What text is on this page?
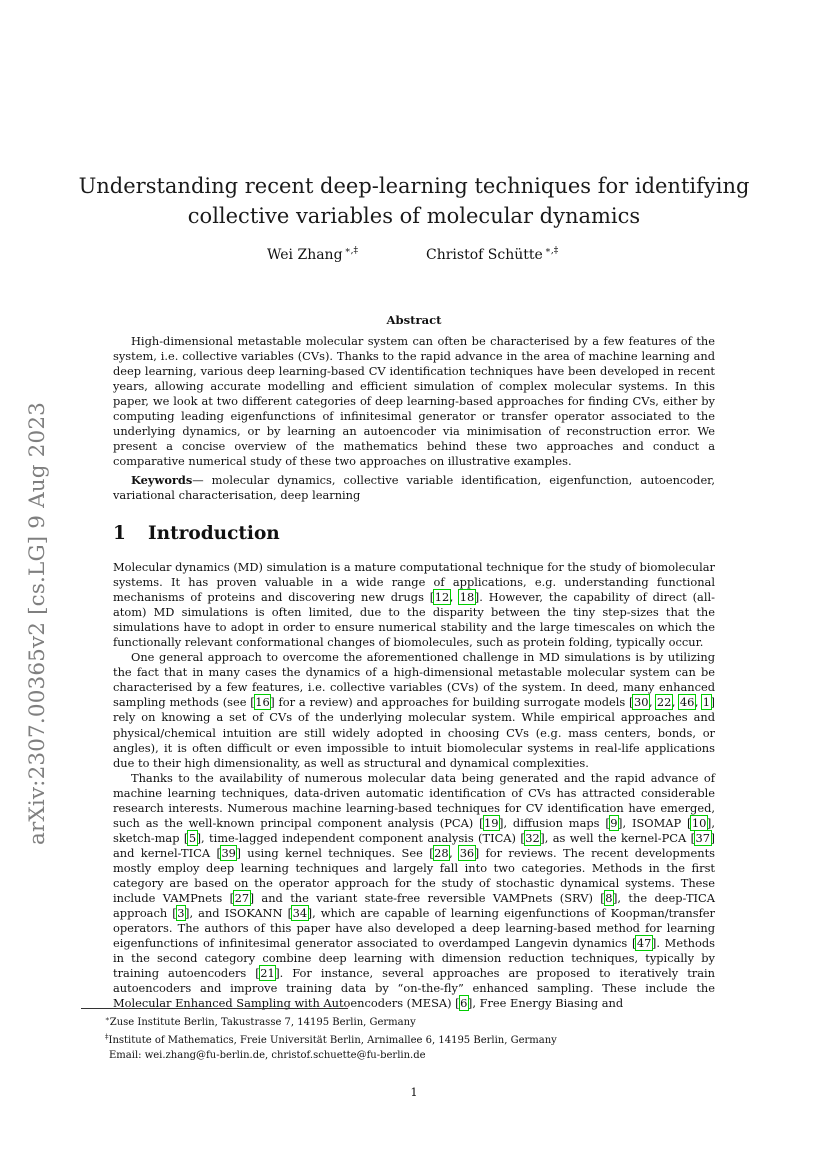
arXiv:2307.00365v2 [cs.LG] 9 Aug 2023
Understanding recent deep-learning techniques for identifying
collective variables of molecular dynamics
Wei Zhang ∗,‡	Christof Schütte ∗,‡
Abstract
High-dimensional metastable molecular system can often be characterised by a few features of the system, i.e. collective variables (CVs). Thanks to the rapid advance in the area of machine learning and deep learning, various deep learning-based CV identification techniques have been developed in recent years, allowing accurate modelling and efficient simulation of complex molecular systems. In this paper, we look at two different categories of deep learning-based approaches for finding CVs, either by computing leading eigenfunctions of infinitesimal generator or transfer operator associated to the underlying dynamics, or by learning an autoencoder via minimisation of reconstruction error. We present a concise overview of the mathematics behind these two approaches and conduct a comparative numerical study of these two approaches on illustrative examples.
Keywords— molecular dynamics, collective variable identification, eigenfunction, autoencoder, variational characterisation, deep learning
1 Introduction

Molecular dynamics (MD) simulation is a mature computational technique for the study of biomolecular systems. It has proven valuable in a wide range of applications, e.g. understanding functional mechanisms of proteins and discovering new drugs [12, 18]. However, the capability of direct (all-atom) MD simulations is often limited, due to the disparity between the tiny step-sizes that the simulations have to adopt in order to ensure numerical stability and the large timescales on which the functionally relevant conformational changes of biomolecules, such as protein folding, typically occur.

One general approach to overcome the aforementioned challenge in MD simulations is by utilizing the fact that in many cases the dynamics of a high-dimensional metastable molecular system can be characterised by a few features, i.e. collective variables (CVs) of the system. In deed, many enhanced sampling methods (see [16] for a review) and approaches for building surrogate models [30, 22, 46, 1] rely on knowing a set of CVs of the underlying molecular system. While empirical approaches and physical/chemical intuition are still widely adopted in choosing CVs (e.g. mass centers, bonds, or angles), it is often difficult or even impossible to intuit biomolecular systems in real-life applications due to their high dimensionality, as well as structural and dynamical complexities.

Thanks to the availability of numerous molecular data being generated and the rapid advance of machine learning techniques, data-driven automatic identification of CVs has attracted considerable research interests. Numerous machine learning-based techniques for CV identification have emerged, such as the well-known principal component analysis (PCA) [19], diffusion maps [9], ISOMAP [10], sketch-map [5], time-lagged independent component analysis (TICA) [32], as well the kernel-PCA [37] and kernel-TICA [39] using kernel techniques. See [28, 36] for reviews. The recent developments mostly employ deep learning techniques and largely fall into two categories. Methods in the first category are based on the operator approach for the study of stochastic dynamical systems. These include VAMPnets [27] and the variant state-free reversible VAMPnets (SRV) [8], the deep-TICA approach [3], and ISOKANN [34], which are capable of learning eigenfunctions of Koopman/transfer operators. The authors of this paper have also developed a deep learning-based method for learning eigenfunctions of infinitesimal generator associated to overdamped Langevin dynamics [47]. Methods in the second category combine deep learning with dimension reduction techniques, typically by training autoencoders [21]. For instance, several approaches are proposed to iteratively train autoencoders and improve training data by “on-the-fly” enhanced sampling. These include the Molecular Enhanced Sampling with Autoencoders (MESA) [6], Free Energy Biasing and

∗Zuse Institute Berlin, Takustrasse 7, 14195 Berlin, Germany
‡Institute of Mathematics, Freie Universität Berlin, Arnimallee 6, 14195 Berlin, Germany
Email: wei.zhang@fu-berlin.de, christof.schuette@fu-berlin.de
1
